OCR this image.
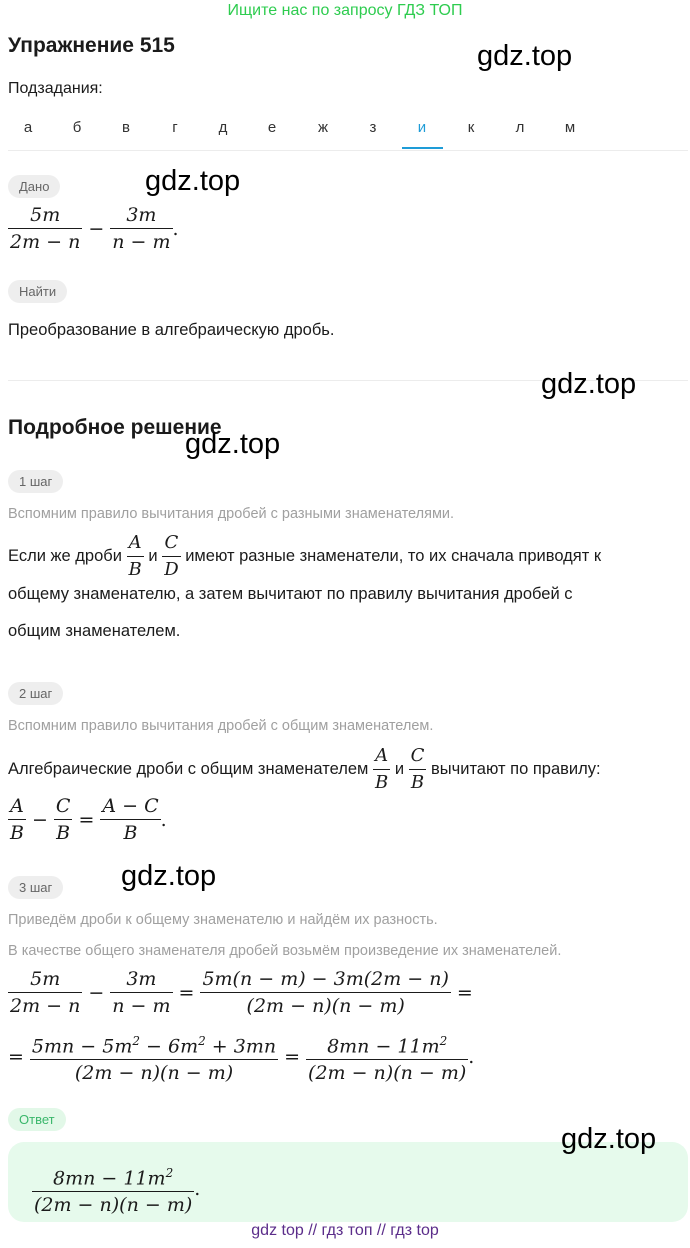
Ищите нас по запросу ГДЗ ТОП
Упражнение 515	gdz.top
Подзадания:
а	б	в	г	д	е	ж	з	и	к	л	м
Дано	gdz.top
$\frac{5m}{2m - n} - \frac{3m}{n - m}$ .
Найти
Преобразование в алгебраическую дробь.
gdz.top
Подробное решение
1 шаг
gdz.top
Вспомним правило вычитания дробей с разными знаменателями.
Если же дроби $\frac{A}{B}$ и $\frac{C}{D}$ имеют разные знаменатели, то их сначала приводят к
общему знаменателю, а затем вычитают по правилу вычитания дробей с
общим знаменателем.
2 шаг
Вспомним правило вычитания дробей с общим знаменателем.
Алгебраические дроби с общим знаменателем $\frac{A}{B}$ и $\frac{C}{B}$ вычитают по правилу:
$\frac{A}{B} - \frac{C}{B} = \frac{A - C}{B}$ .
3 шаг	gdz.top
Приведём дроби к общему знаменателю и найдём их разность.
В качестве общего знаменателя дробей возьмём произведение их знаменателей.
$\frac{5m}{2m - n} - \frac{3m}{n - m} = \frac{5m(n - m) - 3m(2m - n)}{(2m - n)(n - m)}$ =
= $\frac{5mn - 5m^2 - 6m^2 + 3mn}{(2m - n)(n - m)} = \frac{8mn - 11m^2}{(2m - n)(n - m)}$ .
Ответ
gdz.top
$\frac{8mn - 11m^2}{(2m - n)(n - m)}$ .
gdz top // гдз топ // гдз top
